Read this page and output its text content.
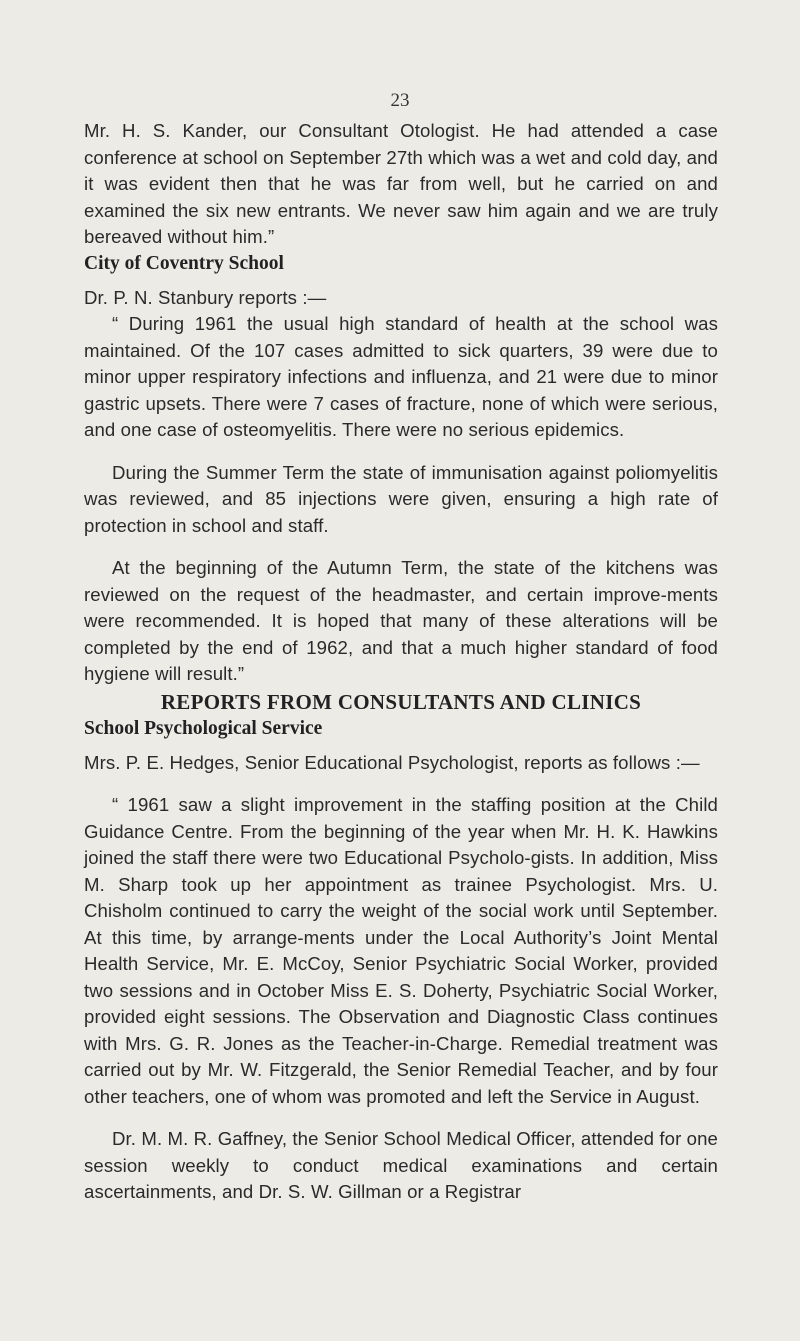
23

Mr. H. S. Kander, our Consultant Otologist. He had attended a case conference at school on September 27th which was a wet and cold day, and it was evident then that he was far from well, but he carried on and examined the six new entrants. We never saw him again and we are truly bereaved without him.”

City of Coventry School

Dr. P. N. Stanbury reports :—

“ During 1961 the usual high standard of health at the school was maintained. Of the 107 cases admitted to sick quarters, 39 were due to minor upper respiratory infections and influenza, and 21 were due to minor gastric upsets. There were 7 cases of fracture, none of which were serious, and one case of osteomyelitis. There were no serious epidemics.

During the Summer Term the state of immunisation against poliomyelitis was reviewed, and 85 injections were given, ensuring a high rate of protection in school and staff.

At the beginning of the Autumn Term, the state of the kitchens was reviewed on the request of the headmaster, and certain improve-ments were recommended. It is hoped that many of these alterations will be completed by the end of 1962, and that a much higher standard of food hygiene will result.”

REPORTS FROM CONSULTANTS AND CLINICS
School Psychological Service

Mrs. P. E. Hedges, Senior Educational Psychologist, reports as follows :—

“ 1961 saw a slight improvement in the staffing position at the Child Guidance Centre. From the beginning of the year when Mr. H. K. Hawkins joined the staff there were two Educational Psycholo-gists. In addition, Miss M. Sharp took up her appointment as trainee Psychologist. Mrs. U. Chisholm continued to carry the weight of the social work until September. At this time, by arrange-ments under the Local Authority’s Joint Mental Health Service, Mr. E. McCoy, Senior Psychiatric Social Worker, provided two sessions and in October Miss E. S. Doherty, Psychiatric Social Worker, provided eight sessions. The Observation and Diagnostic Class continues with Mrs. G. R. Jones as the Teacher-in-Charge. Remedial treatment was carried out by Mr. W. Fitzgerald, the Senior Remedial Teacher, and by four other teachers, one of whom was promoted and left the Service in August.

Dr. M. M. R. Gaffney, the Senior School Medical Officer, attended for one session weekly to conduct medical examinations and certain ascertainments, and Dr. S. W. Gillman or a Registrar
